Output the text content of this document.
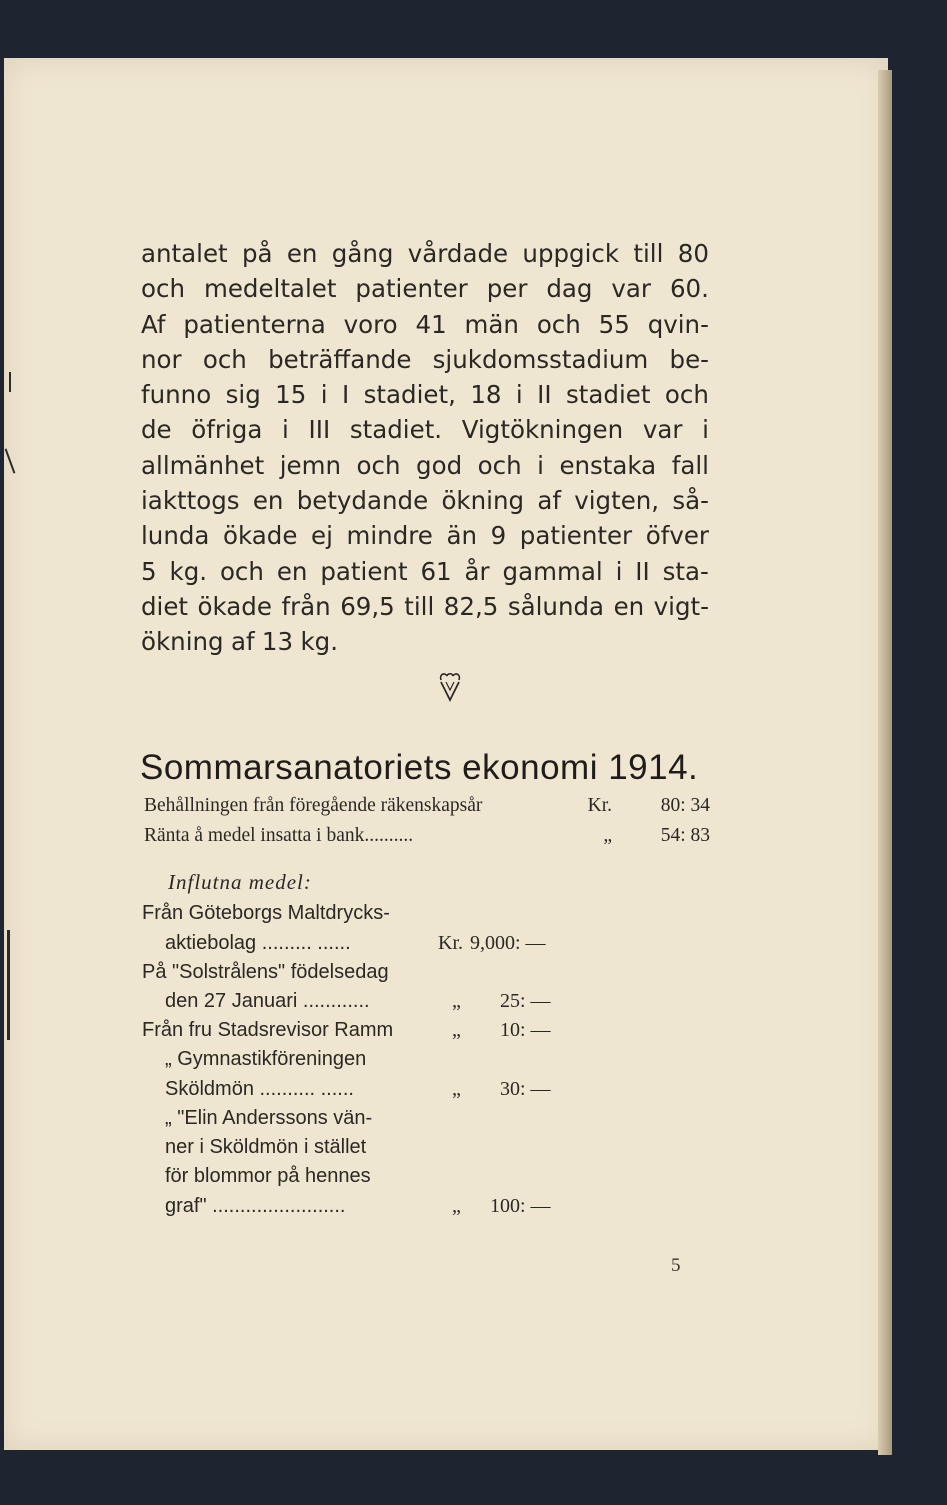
antalet på en gång vårdade uppgick till 80
och medeltalet patienter per dag var 60.
Af patienterna voro 41 män och 55 qvin-
nor och beträffande sjukdomsstadium be-
funno sig 15 i I stadiet, 18 i II stadiet och
de öfriga i III stadiet. Vigtökningen var i
allmänhet jemn och god och i enstaka fall
iakttogs en betydande ökning af vigten, så-
lunda ökade ej mindre än 9 patienter öfver
5 kg. och en patient 61 år gammal i II sta-
diet ökade från 69,5 till 82,5 sålunda en vigt-
ökning af 13 kg.
Sommarsanatoriets ekonomi 1914.
Behållningen från föregående räkenskapsår	Kr. 80: 34
Ränta å medel insatta i bank..........	„ 54: 83
Influtna medel:
Från Göteborgs Maltdrycks-
aktiebolag ......... ......
På "Solstrålens" födelsedag
den 27 Januari ............
Från fru Stadsrevisor Ramm
„ Gymnastikföreningen
Sköldmön .......... ......
„ "Elin Anderssons vän-
ner i Sköldmön i stället
för blommor på hennes
graf" ........................
Kr. 9,000: —
„ 25: —
„ 10: —
„ 30: —
„ 100: —
5
